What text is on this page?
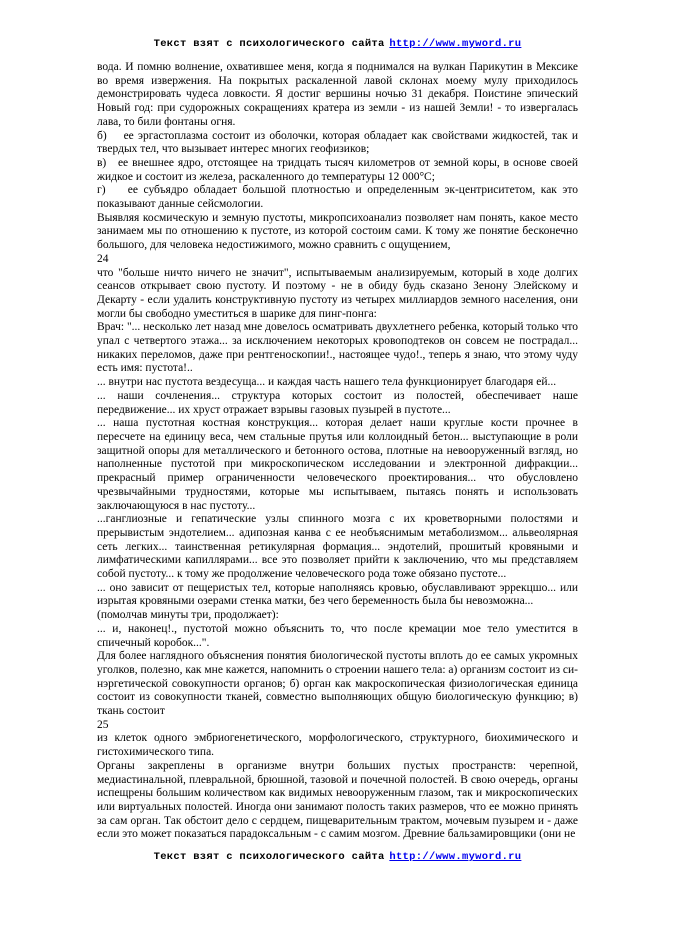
Текст взят с психологического сайта http://www.myword.ru

вода. И помню волнение, охватившее меня, когда я поднимался на вулкан Парикутин в Мексике во время извержения. На покрытых раскаленной лавой склонах моему мулу приходилось демонстрировать чудеса ловкости. Я достиг вершины ночью 31 декабря. Поистине эпический Новый год: при судорожных сокращениях кратера из земли - из нашей Земли! - то извергалась лава, то били фонтаны огня.

б)    ее эргастоплазма состоит из оболочки, которая обладает как свойствами жидкостей, так и твердых тел, что вызывает интерес многих геофизиков;

в)   ее внешнее ядро, отстоящее на тридцать тысяч километров от земной коры, в основе своей жидкое и состоит из железа, раскаленного до температуры 12 000°С;

г)    ее субъядро обладает большой плотностью и определенным эк-центриситетом, как это показывают данные сейсмологии.

Выявляя космическую и земную пустоты, микропсихоанализ позволяет нам понять, какое место занимаем мы по отношению к пустоте, из которой состоим сами. К тому же понятие бесконечно большого, для человека недостижимого, можно сравнить с ощущением,

24

что "больше ничто ничего не значит", испытываемым анализируемым, который в ходе долгих сеансов открывает свою пустоту. И поэтому - не в обиду будь сказано Зенону Элейскому и Декарту - если удалить конструктивную пустоту из четырех миллиардов земного населения, они могли бы свободно уместиться в шарике для пинг-понга:

Врач: "... несколько лет назад мне довелось осматривать двухлетнего ребенка, который только что упал с четвертого этажа... за исключением некоторых кровоподтеков он совсем не пострадал... никаких переломов, даже при рентгеноскопии!., настоящее чудо!., теперь я знаю, что этому чуду есть имя: пустота!..

... внутри нас пустота вездесуща... и каждая часть нашего тела функционирует благодаря ей...

... наши сочленения... структура которых состоит из полостей, обеспечивает наше передвижение... их хруст отражает взрывы газовых пузырей в пустоте...

... наша пустотная костная конструкция... которая делает наши круглые кости прочнее в пересчете на единицу веса, чем стальные прутья или коллоидный бетон... выступающие в роли защитной опоры для металлического и бетонного остова, плотные на невооруженный взгляд, но наполненные пустотой при микроскопическом исследовании и электронной дифракции... прекрасный пример ограниченности человеческого проектирования... что обусловлено чрезвычайными трудностями, которые мы испытываем, пытаясь понять и использовать заключающуюся в нас пустоту...

...ганглиозные и гепатические узлы спинного мозга с их кроветворными полостями и прерывистым эндотелием... адипозная канва с ее необъяснимым метаболизмом... альвеолярная сеть легких... таинственная ретикулярная формация... эндотелий, прошитый кровяными и лимфатическими капиллярами... все это позволяет прийти к заключению, что мы представляем собой пустоту... к тому же продолжение человеческого рода тоже обязано пустоте...

... оно зависит от пещеристых тел, которые наполняясь кровью, обуславливают эррекцшо... или изрытая кровяными озерами стенка матки, без чего беременность была бы невозможна...

(помолчав минуты три, продолжает):

... и, наконец!., пустотой можно объяснить то, что после кремации мое тело уместится в спичечный коробок...".

Для более наглядного объяснения понятия биологической пустоты вплоть до ее самых укромных уголков, полезно, как мне кажется, напомнить о строении нашего тела: а) организм состоит из си-нэргетической совокупности органов; б) орган как макроскопическая физиологическая единица состоит из совокупности тканей, совместно выполняющих общую биологическую функцию; в) ткань состоит

25

из клеток одного эмбриогенетического, морфологического, структурного, биохимического и гистохимического типа.

Органы закреплены в организме внутри больших пустых пространств: черепной, медиастинальной, плевральной, брюшной, тазовой и почечной полостей. В свою очередь, органы испещрены большим количеством как видимых невооруженным глазом, так и микроскопических или виртуальных полостей. Иногда они занимают полость таких размеров, что ее можно принять за сам орган. Так обстоит дело с сердцем, пищеварительным трактом, мочевым пузырем и - даже если это может показаться парадоксальным - с самим мозгом. Древние бальзамировщики (они не

Текст взят с психологического сайта http://www.myword.ru
